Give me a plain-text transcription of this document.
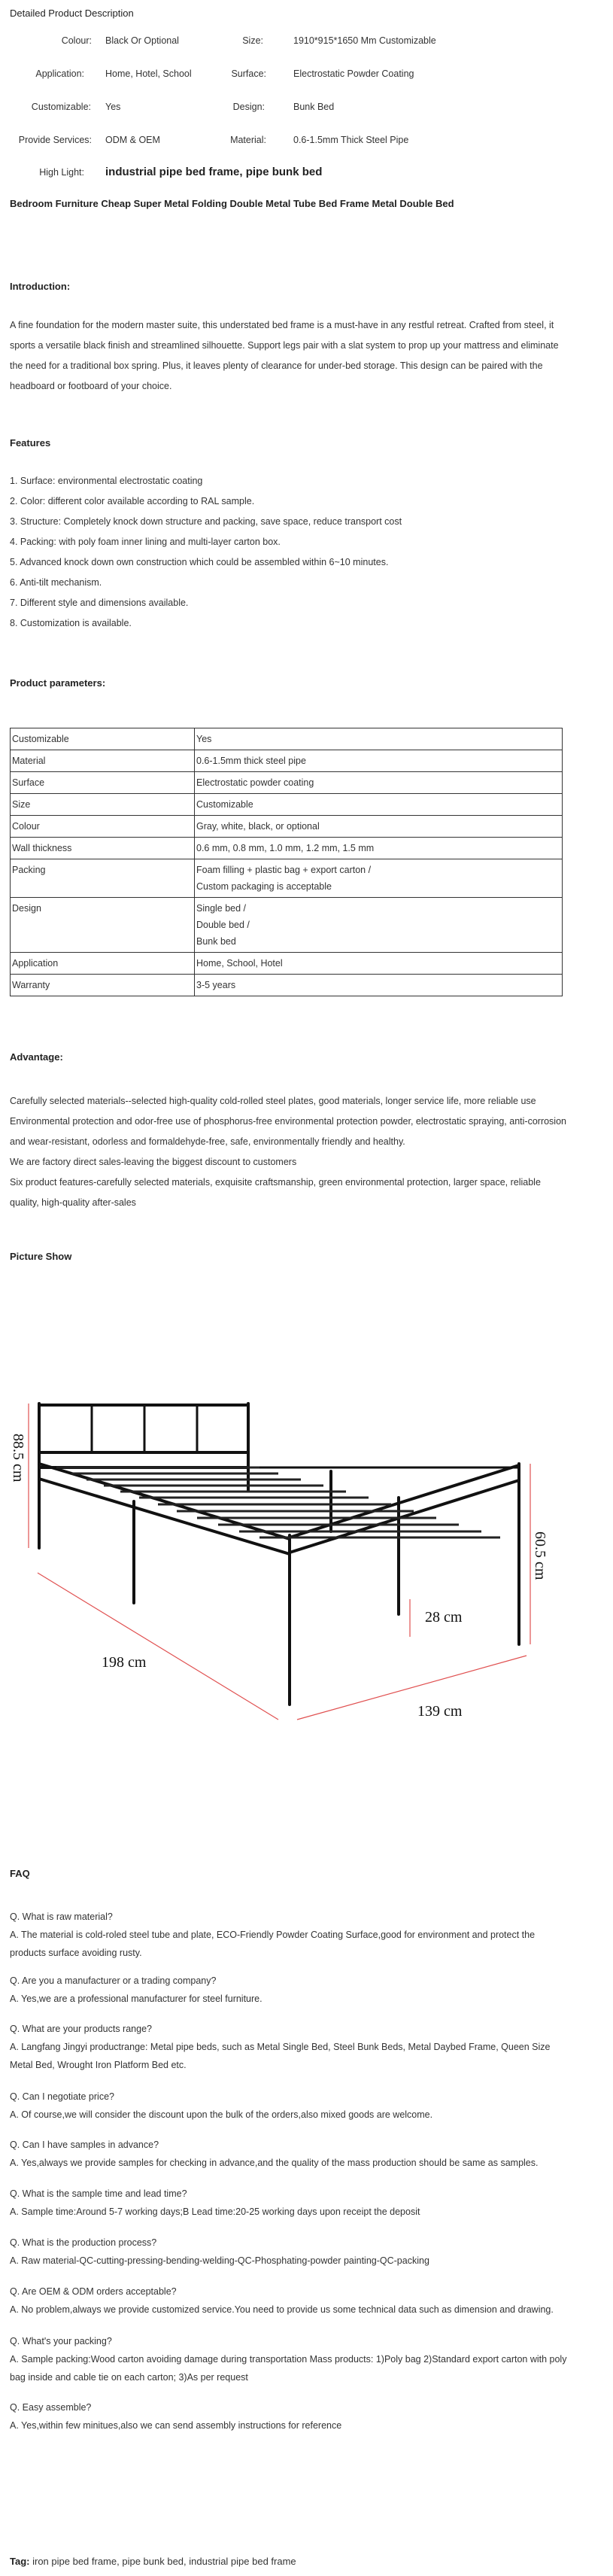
Detailed Product Description
Colour: Black Or Optional	Size:	1910*915*1650 Mm Customizable
Application: Home, Hotel, School	Surface:	Electrostatic Powder Coating
Customizable: Yes	Design:	Bunk Bed
Provide Services: ODM & OEM	Material:	0.6-1.5mm Thick Steel Pipe
High Light: industrial pipe bed frame, pipe bunk bed
Bedroom Furniture Cheap Super Metal Folding Double Metal Tube Bed Frame Metal Double Bed
Introduction:
A fine foundation for the modern master suite, this understated bed frame is a must-have in any restful retreat. Crafted from steel, it
sports a versatile black finish and streamlined silhouette. Support legs pair with a slat system to prop up your mattress and eliminate
the need for a traditional box spring. Plus, it leaves plenty of clearance for under-bed storage. This design can be paired with the
headboard or footboard of your choice.
Features
1. Surface: environmental electrostatic coating
2. Color: different color available according to RAL sample.
3. Structure: Completely knock down structure and packing, save space, reduce transport cost
4. Packing: with poly foam inner lining and multi-layer carton box.
5. Advanced knock down own construction which could be assembled within 6~10 minutes.
6. Anti-tilt mechanism.
7. Different style and dimensions available.
8. Customization is available.
Product parameters:
Customizable	Yes

Material	0.6-1.5mm thick steel pipe

Surface	Electrostatic powder coating

Size	Customizable

Colour	Gray, white, black, or optional

Wall thickness	0.6 mm, 0.8 mm, 1.0 mm, 1.2 mm, 1.5 mm

Packing	Foam filling + plastic bag + export carton /
Custom packaging is acceptable

Design	Single bed /
Double bed /
Bunk bed

Application	Home, School, Hotel

Warranty	3-5 years
Advantage:
Carefully selected materials--selected high-quality cold-rolled steel plates, good materials, longer service life, more reliable use
Environmental protection and odor-free use of phosphorus-free environmental protection powder, electrostatic spraying, anti-corrosion
and wear-resistant, odorless and formaldehyde-free, safe, environmentally friendly and healthy.
We are factory direct sales-leaving the biggest discount to customers
Six product features-carefully selected materials, exquisite craftsmanship, green environmental protection, larger space, reliable
quality, high-quality after-sales
Picture Show
88.5 cm
60.5 cm
28 cm
198 cm
139 cm
FAQ
Q. What is raw material?
A. The material is cold-roled steel tube and plate, ECO-Friendly Powder Coating Surface,good for environment and protect the
products surface avoiding rusty.
Q. Are you a manufacturer or a trading company?
A. Yes,we are a professional manufacturer for steel furniture.
Q. What are your products range?
A. Langfang Jingyi productrange: Metal pipe beds, such as Metal Single Bed, Steel Bunk Beds, Metal Daybed Frame, Queen Size
Metal Bed, Wrought Iron Platform Bed etc.
Q. Can I negotiate price?
A. Of course,we will consider the discount upon the bulk of the orders,also mixed goods are welcome.
Q. Can I have samples in advance?
A. Yes,always we provide samples for checking in advance,and the quality of the mass production should be same as samples.
Q. What is the sample time and lead time?
A. Sample time:Around 5-7 working days;B Lead time:20-25 working days upon receipt the deposit
Q. What is the production process?
A. Raw material-QC-cutting-pressing-bending-welding-QC-Phosphating-powder painting-QC-packing
Q. Are OEM & ODM orders acceptable?
A. No problem,always we provide customized service.You need to provide us some technical data such as dimension and drawing.
Q. What's your packing?
A. Sample packing:Wood carton avoiding damage during transportation Mass products: 1)Poly bag 2)Standard export carton with poly
bag inside and cable tie on each carton; 3)As per request
Q. Easy assemble?
A. Yes,within few minitues,also we can send assembly instructions for reference
Tag: iron pipe bed frame, pipe bunk bed, industrial pipe bed frame
